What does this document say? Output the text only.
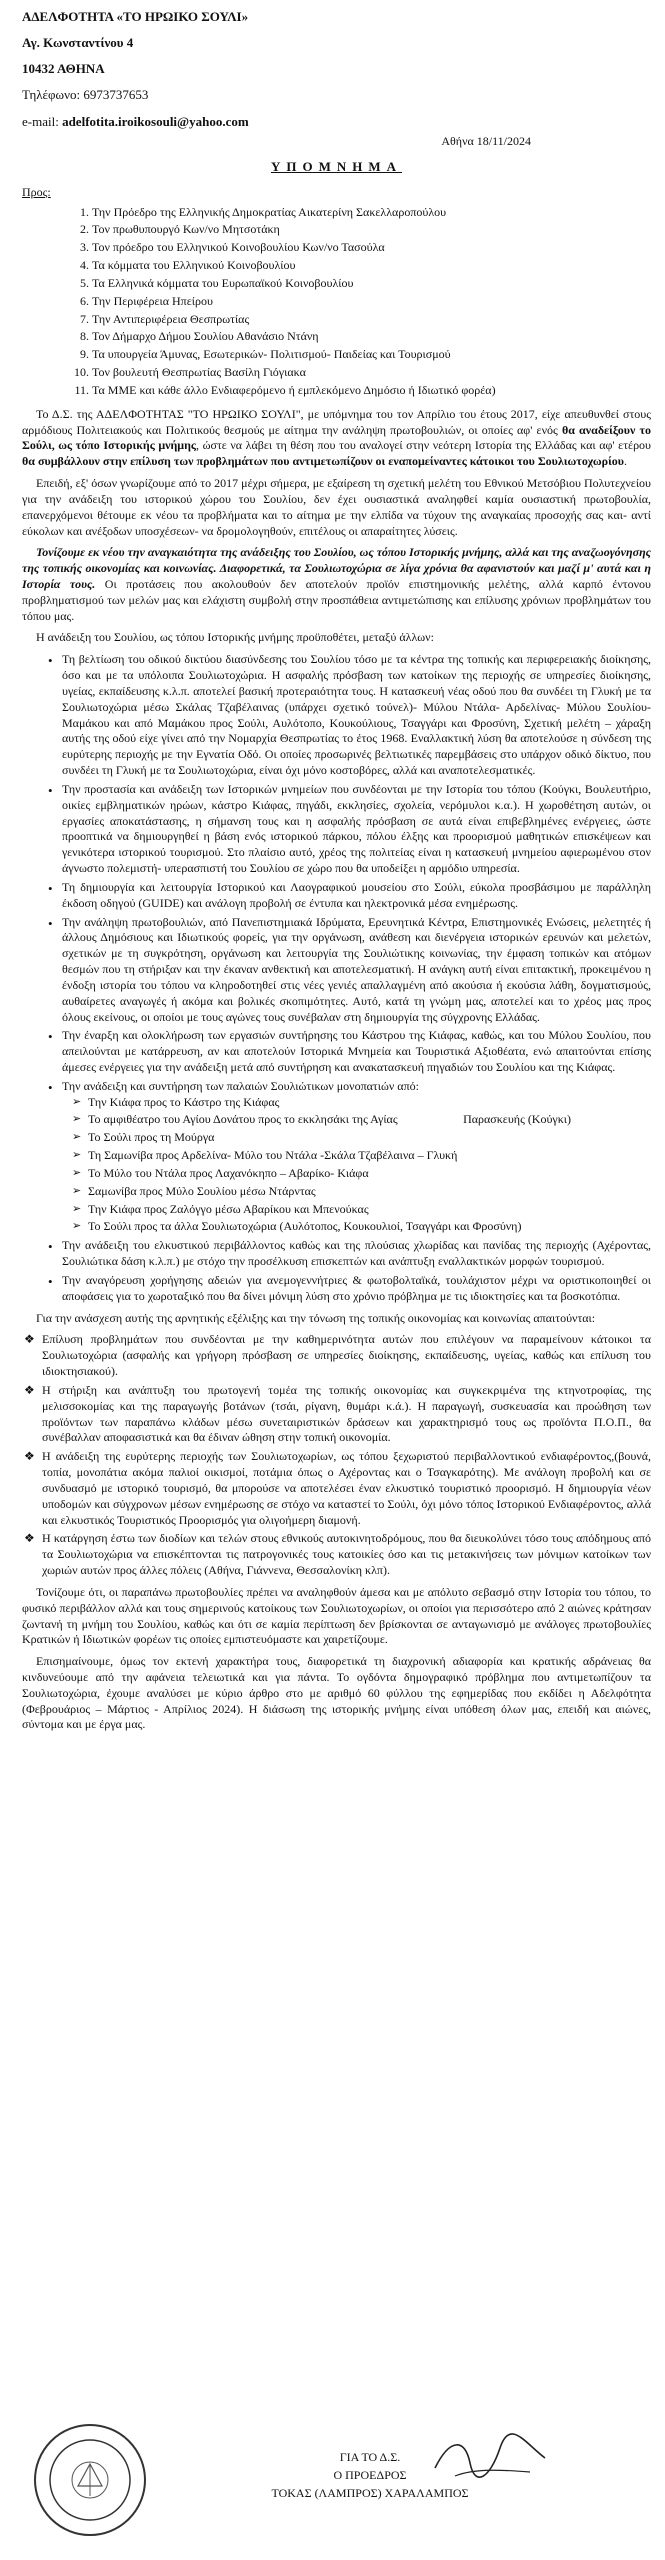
ΑΔΕΛΦΟΤΗΤΑ «ΤΟ ΗΡΩΙΚΟ ΣΟΥΛΙ»
Αγ. Κωνσταντίνου 4
10432 ΑΘΗΝΑ
Τηλέφωνο: 6973737653
e-mail: adelfotita.iroikosouli@yahoo.com
Αθήνα 18/11/2024
ΥΠΟΜΝΗΜΑ
Προς:
1. Την Πρόεδρο της Ελληνικής Δημοκρατίας Αικατερίνη Σακελλαροπούλου
2. Τον πρωθυπουργό Κων/νο Μητσοτάκη
3. Τον πρόεδρο του Ελληνικού Κοινοβουλίου Κων/νο Τασούλα
4. Τα κόμματα του Ελληνικού Κοινοβουλίου
5. Τα Ελληνικά κόμματα του Ευρωπαϊκού Κοινοβουλίου
6. Την Περιφέρεια Ηπείρου
7. Την Αντιπεριφέρεια Θεσπρωτίας
8. Τον Δήμαρχο Δήμου Σουλίου Αθανάσιο Ντάνη
9. Τα υπουργεία Άμυνας, Εσωτερικών- Πολιτισμού- Παιδείας και Τουρισμού
10. Τον βουλευτή Θεσπρωτίας Βασίλη Γιόγιακα
11. Τα ΜΜΕ και κάθε άλλο Ενδιαφερόμενο ή εμπλεκόμενο Δημόσιο ή Ιδιωτικό φορέα)

Το Δ.Σ. της ΑΔΕΛΦΟΤΗΤΑΣ "ΤΟ ΗΡΩΙΚΟ ΣΟΥΛΙ", με υπόμνημα του τον Απρίλιο του έτους 2017, είχε απευθυνθεί στους αρμόδιους Πολιτειακούς και Πολιτικούς θεσμούς με αίτημα την ανάληψη πρωτοβουλιών, οι οποίες αφ' ενός θα αναδείξουν το Σούλι, ως τόπο Ιστορικής μνήμης, ώστε να λάβει τη θέση που του αναλογεί στην νεότερη Ιστορία της Ελλάδας και αφ' ετέρου θα συμβάλλουν στην επίλυση των προβλημάτων που αντιμετωπίζουν οι εναπομείναντες κάτοικοι του Σουλιωτοχωρίου.

Επειδή, εξ' όσων γνωρίζουμε από το 2017 μέχρι σήμερα, με εξαίρεση τη σχετική μελέτη του Εθνικού Μετσόβιου Πολυτεχνείου για την ανάδειξη του ιστορικού χώρου του Σουλίου, δεν έχει ουσιαστικά αναληφθεί καμία ουσιαστική πρωτοβουλία, επανερχόμενοι θέτουμε εκ νέου τα προβλήματα και το αίτημα με την ελπίδα να τύχουν της αναγκαίας προσοχής σας και- αντί εύκολων και ανέξοδων υποσχέσεων- να δρομολογηθούν, επιτέλους οι απαραίτητες λύσεις.

Τονίζουμε εκ νέου την αναγκαιότητα της ανάδειξης του Σουλίου, ως τόπου Ιστορικής μνήμης, αλλά και της αναζωογόνησης της τοπικής οικονομίας και κοινωνίας. Διαφορετικά, τα Σουλιωτοχώρια σε λίγα χρόνια θα αφανιστούν και μαζί μ' αυτά και η Ιστορία τους. Οι προτάσεις που ακολουθούν δεν αποτελούν προϊόν επιστημονικής μελέτης, αλλά καρπό έντονου προβληματισμού των μελών μας και ελάχιστη συμβολή στην προσπάθεια αντιμετώπισης και επίλυσης χρόνιων προβλημάτων του τόπου μας.

Η ανάδειξη του Σουλίου, ως τόπου Ιστορικής μνήμης προϋποθέτει, μεταξύ άλλων:

• Τη βελτίωση του οδικού δικτύου διασύνδεσης του Σουλίου τόσο με τα κέντρα της τοπικής και περιφερειακής διοίκησης, όσο και με τα υπόλοιπα Σουλιωτοχώρια. Η ασφαλής πρόσβαση των κατοίκων της περιοχής σε υπηρεσίες διοίκησης, υγείας, εκπαίδευσης κ.λ.π. αποτελεί βασική προτεραιότητα τους. Η κατασκευή νέας οδού που θα συνδέει τη Γλυκή με τα Σουλιωτοχώρια μέσω Σκάλας Τζαβέλαινας (υπάρχει σχετικό τούνελ)- Μύλου Ντάλα- Αρδελίνας- Μύλου Σουλίου- Μαμάκου και από Μαμάκου προς Σούλι, Αυλότοπο, Κουκούλιους, Τσαγγάρι και Φροσύνη, Σχετική μελέτη – χάραξη αυτής της οδού είχε γίνει από την Νομαρχία Θεσπρωτίας το έτος 1968. Εναλλακτική λύση θα αποτελούσε η σύνδεση της ευρύτερης περιοχής με την Εγνατία Οδό. Οι οποίες προσωρινές βελτιωτικές παρεμβάσεις στο υπάρχον οδικό δίκτυο, που συνδέει τη Γλυκή με τα Σουλιωτοχώρια, είναι όχι μόνο κοστοβόρες, αλλά και αναποτελεσματικές.
• Την προστασία και ανάδειξη των Ιστορικών μνημείων που συνδέονται με την Ιστορία του τόπου (Κούγκι, Βουλευτήριο, οικίες εμβληματικών ηρώων, κάστρο Κιάφας, πηγάδι, εκκλησίες, σχολεία, νερόμυλοι κ.α.). Η χωροθέτηση αυτών, οι εργασίες αποκατάστασης, η σήμανση τους και η ασφαλής πρόσβαση σε αυτά είναι επιβεβλημένες ενέργειες, ώστε προοπτικά να δημιουργηθεί η βάση ενός ιστορικού πάρκου, πόλου έλξης και προορισμού μαθητικών επισκέψεων και γενικότερα ιστορικού τουρισμού. Στο πλαίσιο αυτό, χρέος της πολιτείας είναι η κατασκευή μνημείου αφιερωμένου στον άγνωστο πολεμιστή- υπερασπιστή του Σουλίου σε χώρο που θα υποδείξει η αρμόδιο υπηρεσία.
• Τη δημιουργία και λειτουργία Ιστορικού και Λαογραφικού μουσείου στο Σούλι, εύκολα προσβάσιμου με παράλληλη έκδοση οδηγού (GUIDE) και ανάλογη προβολή σε έντυπα και ηλεκτρονικά μέσα ενημέρωσης.
• Την ανάληψη πρωτοβουλιών, από Πανεπιστημιακά Ιδρύματα, Ερευνητικά Κέντρα, Επιστημονικές Ενώσεις, μελετητές ή άλλους Δημόσιους και Ιδιωτικούς φορείς, για την οργάνωση, ανάθεση και διενέργεια ιστορικών ερευνών και μελετών, σχετικών με τη συγκρότηση, οργάνωση και λειτουργία της Σουλιώτικης κοινωνίας, την έμφαση τοπικών και ατόμων θεσμών που τη στήριξαν και την έκαναν ανθεκτική και αποτελεσματική. Η ανάγκη αυτή είναι επιτακτική, προκειμένου η ένδοξη ιστορία του τόπου να κληροδοτηθεί στις νέες γενιές απαλλαγμένη από ακούσια ή εκούσια λάθη, δογματισμούς, αυθαίρετες αναγωγές ή ακόμα και βολικές σκοπιμότητες. Αυτό, κατά τη γνώμη μας, αποτελεί και το χρέος μας προς όλους εκείνους, οι οποίοι με τους αγώνες τους συνέβαλαν στη δημιουργία της σύγχρονης Ελλάδας.
• Την έναρξη και ολοκλήρωση των εργασιών συντήρησης του Κάστρου της Κιάφας, καθώς, και του Μύλου Σουλίου, που απειλούνται με κατάρρευση, αν και αποτελούν Ιστορικά Μνημεία και Τουριστικά Αξιοθέατα, ενώ απαιτούνται επίσης άμεσες ενέργειες για την ανάδειξη μετά από συντήρηση και ανακατασκευή πηγαδιών του Σουλίου και της Κιάφας.
• Την ανάδειξη και συντήρηση των παλαιών Σουλιώτικων μονοπατιών από:
➢ Την Κιάφα προς το Κάστρο της Κιάφας
➢ Το αμφιθέατρο του Αγίου Δονάτου προς το εκκλησάκι της Αγίας	Παρασκευής (Κούγκι)
➢ Το Σούλι προς τη Μούργα
➢ Τη Σαμωνίβα προς Αρδελίνα- Μύλο του Ντάλα -Σκάλα Τζαβέλαινα – Γλυκή
➢ Το Μύλο του Ντάλα προς Λαχανόκηπο – Αβαρίκο- Κιάφα
➢ Σαμωνίβα προς Μύλο Σουλίου μέσω Ντάρντας
➢ Την Κιάφα προς Ζαλόγγο μέσω Αβαρίκου και Μπενούκας
➢ Το Σούλι προς τα άλλα Σουλιωτοχώρια (Αυλότοπος, Κουκουλιοί, Τσαγγάρι και Φροσύνη)
• Την ανάδειξη του ελκυστικού περιβάλλοντος καθώς και της πλούσιας χλωρίδας και πανίδας της περιοχής (Αχέροντας, Σουλιώτικα δάση κ.λ.π.) με στόχο την προσέλκυση επισκεπτών και ανάπτυξη εναλλακτικών μορφών τουρισμού.
• Την αναγόρευση χορήγησης αδειών για ανεμογεννήτριες & φωτοβολταϊκά, τουλάχιστον μέχρι να οριστικοποιηθεί οι αποφάσεις για το χωροταξικό που θα δίνει μόνιμη λύση στο χρόνιο πρόβλημα με τις ιδιοκτησίες και τα βοσκοτόπια.

Για την ανάσχεση αυτής της αρνητικής εξέλιξης και την τόνωση της τοπικής οικονομίας και κοινωνίας απαιτούνται:

❖ Επίλυση προβλημάτων που συνδέονται με την καθημερινότητα αυτών που επιλέγουν να παραμείνουν κάτοικοι τα Σουλιωτοχώρια (ασφαλής και γρήγορη πρόσβαση σε υπηρεσίες διοίκησης, εκπαίδευσης, υγείας, καθώς και επίλυση του ιδιοκτησιακού).
❖ Η στήριξη και ανάπτυξη του πρωτογενή τομέα της τοπικής οικονομίας και συγκεκριμένα της κτηνοτροφίας, της μελισσοκομίας και της παραγωγής βοτάνων (τσάι, ρίγανη, θυμάρι κ.ά.). Η παραγωγή, συσκευασία και προώθηση των προϊόντων των παραπάνω κλάδων μέσω συνεταιριστικών δράσεων και χαρακτηρισμό τους ως προϊόντα Π.Ο.Π., θα συνέβαλλαν αποφασιστικά και θα έδιναν ώθηση στην τοπική οικονομία.
❖ Η ανάδειξη της ευρύτερης περιοχής των Σουλιωτοχωρίων, ως τόπου ξεχωριστού περιβαλλοντικού ενδιαφέροντος,(βουνά, τοπία, μονοπάτια ακόμα παλιοί οικισμοί, ποτάμια όπως ο Αχέροντας και ο Τσαγκαρότης). Με ανάλογη προβολή και σε συνδυασμό με ιστορικό τουρισμό, θα μπορούσε να αποτελέσει έναν ελκυστικό τουριστικό προορισμό. Η δημιουργία νέων υποδομών και σύγχρονων μέσων ενημέρωσης σε στόχο να καταστεί το Σούλι, όχι μόνο τόπος Ιστορικού Ενδιαφέροντος, αλλά και ελκυστικός Τουριστικός Προορισμός για ολιγοήμερη διαμονή.
❖ Η κατάργηση έστω των διοδίων και τελών στους εθνικούς αυτοκινητοδρόμους, που θα διευκολύνει τόσο τους απόδημους από τα Σουλιωτοχώρια να επισκέπτονται τις πατρογονικές τους κατοικίες όσο και τις μετακινήσεις των μόνιμων κατοίκων των χωριών αυτών προς άλλες πόλεις (Αθήνα, Γιάννενα, Θεσσαλονίκη κλπ).

Τονίζουμε ότι, οι παραπάνω πρωτοβουλίες πρέπει να αναληφθούν άμεσα και με απόλυτο σεβασμό στην Ιστορία του τόπου, το φυσικό περιβάλλον αλλά και τους σημερινούς κατοίκους των Σουλιωτοχωρίων, οι οποίοι για περισσότερο από 2 αιώνες κράτησαν ζωντανή τη μνήμη του Σουλίου, καθώς και ότι σε καμία περίπτωση δεν βρίσκονται σε ανταγωνισμό με ανάλογες πρωτοβουλίες Κρατικών ή Ιδιωτικών φορέων τις οποίες εμπιστευόμαστε και χαιρετίζουμε.

Επισημαίνουμε, όμως τον εκτενή χαρακτήρα τους, διαφορετικά τη διαχρονική αδιαφορία και κρατικής αδράνειας θα κινδυνεύουμε από την αφάνεια τελειωτικά και για πάντα. Το ογδόντα δημογραφικό πρόβλημα που αντιμετωπίζουν τα Σουλιωτοχώρια, έχουμε αναλύσει με κύριο άρθρο στο με αριθμό 60 φύλλου της εφημερίδας που εκδίδει η Αδελφότητα (Φεβρουάριος – Μάρτιος - Απρίλιος 2024). Η διάσωση της ιστορικής μνήμης είναι υπόθεση όλων μας, επειδή και αιώνες, σύντομα και με έργα μας.

ΓΙΑ ΤΟ Δ.Σ.
Ο ΠΡΟΕΔΡΟΣ
ΤΟΚΑΣ (ΛΑΜΠΡΟΣ) ΧΑΡΑΛΑΜΠΟΣ
